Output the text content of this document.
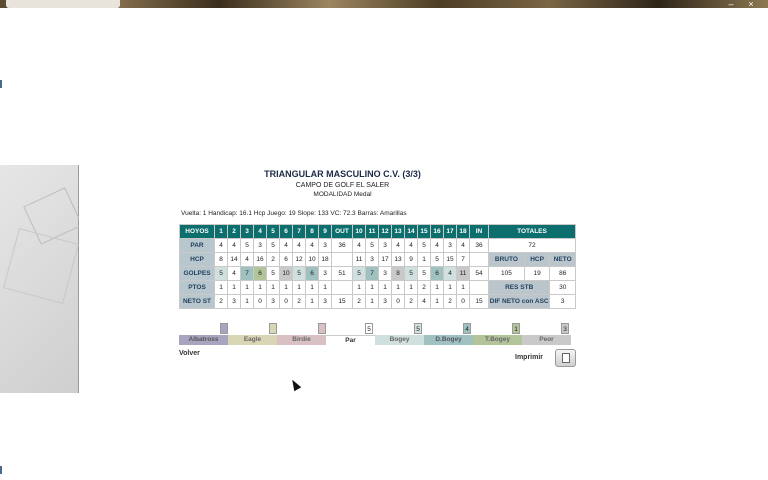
–	×
TRIANGULAR MASCULINO C.V. (3/3)
CAMPO DE GOLF EL SALER
MODALIDAD Medal
Vuelta: 1 Handicap: 16.1 Hcp Juego: 19 Slope: 133 VC: 72.3 Barras: Amarillas
HOYOS	1	2	3	4	5	6	7	8	9	OUT	10	11	12	13	14	15	16	17	18	IN	TOTALES		
PAR	4	4	5	3	5	4	4	4	3	36	4	5	3	4	4	5	4	3	4	36	72		
HCP	8	14	4	16	2	6	12	10	18		11	3	17	13	9	1	5	15	7		BRUTO	HCP	NETO
GOLPES	5	4	7	6	5	10	5	6	3	51	5	7	3	8	5	5	6	4	11	54	105	19	86
PTOS	1	1	1	1	1	1	1	1	1		1	1	1	1	1	2	1	1	1		RES STB		30
NETO ST	2	3	1	0	3	0	2	1	3	15	2	1	3	0	2	4	1	2	0	15	DIF NETO con ASC		3
5	5	4	1	3
Albatross	Eagle	Birdie	Par	Bogey	D.Bogey	T.Bogey	Peor
Volver
Imprimir
